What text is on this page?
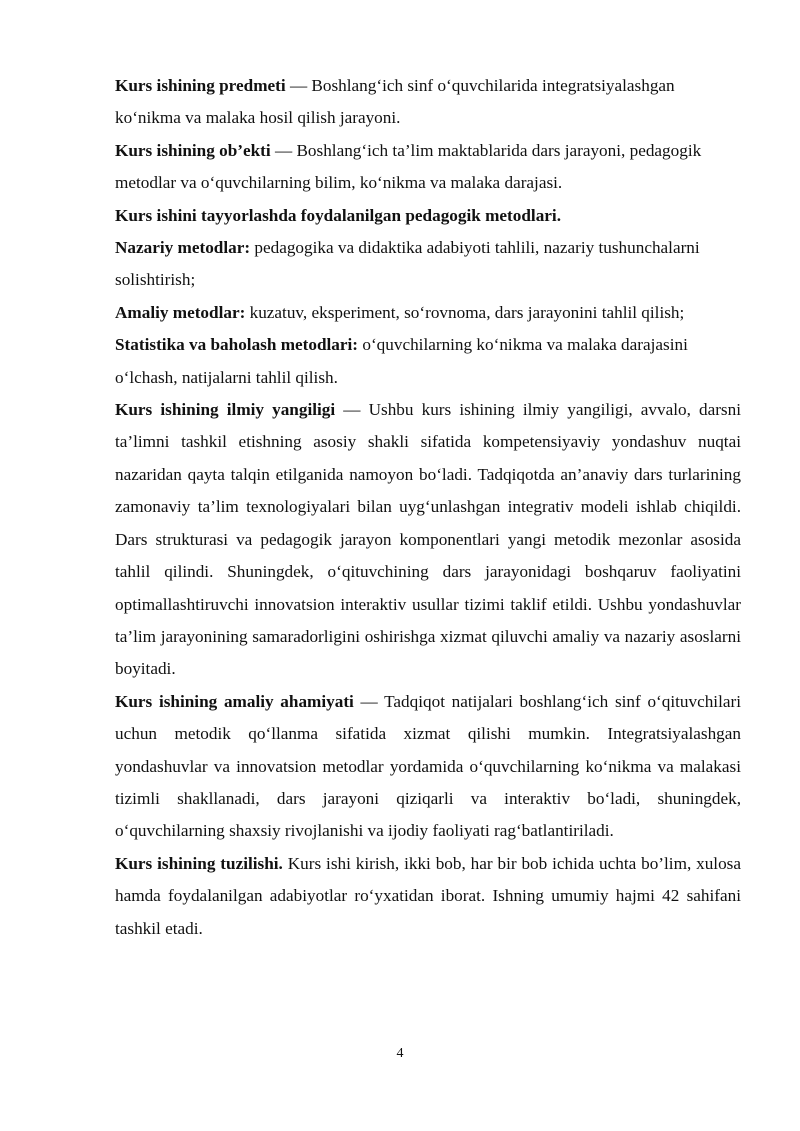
Kurs ishining predmeti — Boshlang‘ich sinf o‘quvchilarida integratsiyalashgan ko‘nikma va malaka hosil qilish jarayoni.

Kurs ishining ob’ekti — Boshlang‘ich ta’lim maktablarida dars jarayoni, pedagogik metodlar va o‘quvchilarning bilim, ko‘nikma va malaka darajasi.

Kurs ishini tayyorlashda foydalanilgan pedagogik metodlari.

Nazariy metodlar: pedagogika va didaktika adabiyoti tahlili, nazariy tushunchalarni solishtirish;

Amaliy metodlar: kuzatuv, eksperiment, so‘rovnoma, dars jarayonini tahlil qilish;

Statistika va baholash metodlari: o‘quvchilarning ko‘nikma va malaka darajasini o‘lchash, natijalarni tahlil qilish.

Kurs ishining ilmiy yangiligi — Ushbu kurs ishining ilmiy yangiligi, avvalo, darsni ta’limni tashkil etishning asosiy shakli sifatida kompetensiyaviy yondashuv nuqtai nazaridan qayta talqin etilganida namoyon bo‘ladi. Tadqiqotda an’anaviy dars turlarining zamonaviy ta’lim texnologiyalari bilan uyg‘unlashgan integrativ modeli ishlab chiqildi. Dars strukturasi va pedagogik jarayon komponentlari yangi metodik mezonlar asosida tahlil qilindi. Shuningdek, o‘qituvchining dars jarayonidagi boshqaruv faoliyatini optimallashtiruvchi innovatsion interaktiv usullar tizimi taklif etildi. Ushbu yondashuvlar ta’lim jarayonining samaradorligini oshirishga xizmat qiluvchi amaliy va nazariy asoslarni boyitadi.

Kurs ishining amaliy ahamiyati — Tadqiqot natijalari boshlang‘ich sinf o‘qituvchilari uchun metodik qo‘llanma sifatida xizmat qilishi mumkin. Integratsiyalashgan yondashuvlar va innovatsion metodlar yordamida o‘quvchilarning ko‘nikma va malakasi tizimli shakllanadi, dars jarayoni qiziqarli va interaktiv bo‘ladi, shuningdek, o‘quvchilarning shaxsiy rivojlanishi va ijodiy faoliyati rag‘batlantiriladi.

Kurs ishining tuzilishi. Kurs ishi kirish, ikki bob, har bir bob ichida uchta bo’lim, xulosa hamda foydalanilgan adabiyotlar ro‘yxatidan iborat. Ishning umumiy hajmi 42 sahifani tashkil etadi.

4
